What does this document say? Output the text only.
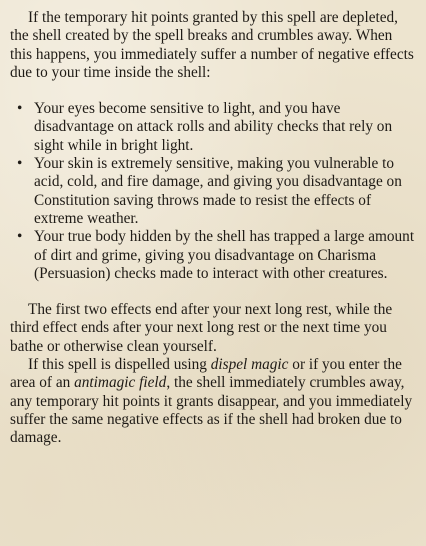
If the temporary hit points granted by this spell are depleted, the shell created by the spell breaks and crumbles away. When this happens, you immediately suffer a number of negative effects due to your time inside the shell:

• Your eyes become sensitive to light, and you have disadvantage on attack rolls and ability checks that rely on sight while in bright light.
• Your skin is extremely sensitive, making you vulnerable to acid, cold, and fire damage, and giving you disadvantage on Constitution saving throws made to resist the effects of extreme weather.
• Your true body hidden by the shell has trapped a large amount of dirt and grime, giving you disadvantage on Charisma (Persuasion) checks made to interact with other creatures.

The first two effects end after your next long rest, while the third effect ends after your next long rest or the next time you bathe or otherwise clean yourself.

If this spell is dispelled using dispel magic or if you enter the area of an antimagic field, the shell immediately crumbles away, any temporary hit points it grants disappear, and you immediately suffer the same negative effects as if the shell had broken due to damage.
